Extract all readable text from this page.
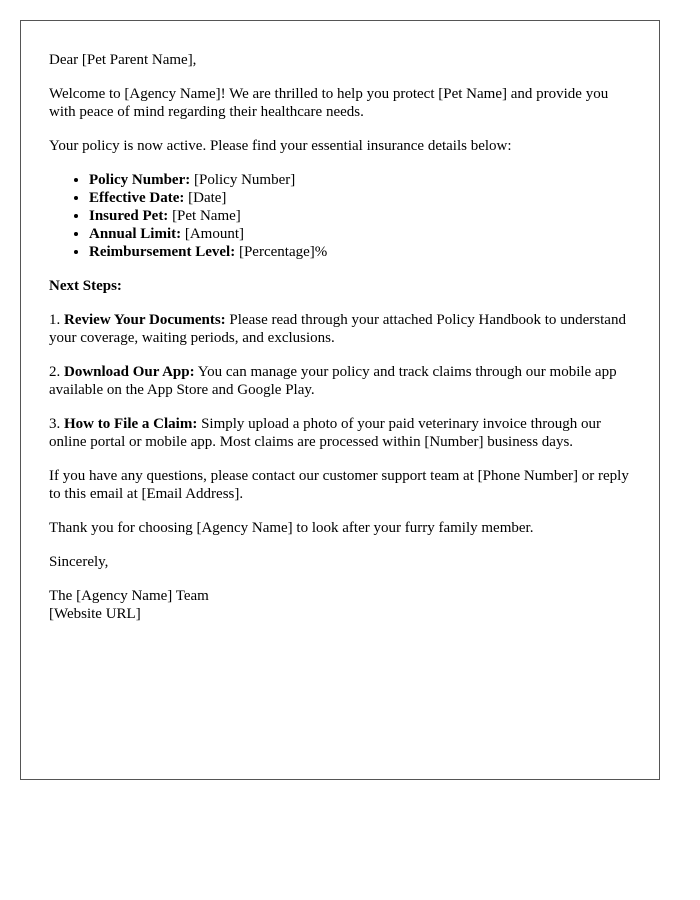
Dear [Pet Parent Name],

Welcome to [Agency Name]! We are thrilled to help you protect [Pet Name] and provide you with peace of mind regarding their healthcare needs.

Your policy is now active. Please find your essential insurance details below:

• Policy Number: [Policy Number]
• Effective Date: [Date]
• Insured Pet: [Pet Name]
• Annual Limit: [Amount]
• Reimbursement Level: [Percentage]%

Next Steps:

1. Review Your Documents: Please read through your attached Policy Handbook to understand your coverage, waiting periods, and exclusions.

2. Download Our App: You can manage your policy and track claims through our mobile app available on the App Store and Google Play.

3. How to File a Claim: Simply upload a photo of your paid veterinary invoice through our online portal or mobile app. Most claims are processed within [Number] business days.

If you have any questions, please contact our customer support team at [Phone Number] or reply to this email at [Email Address].

Thank you for choosing [Agency Name] to look after your furry family member.

Sincerely,

The [Agency Name] Team
[Website URL]
